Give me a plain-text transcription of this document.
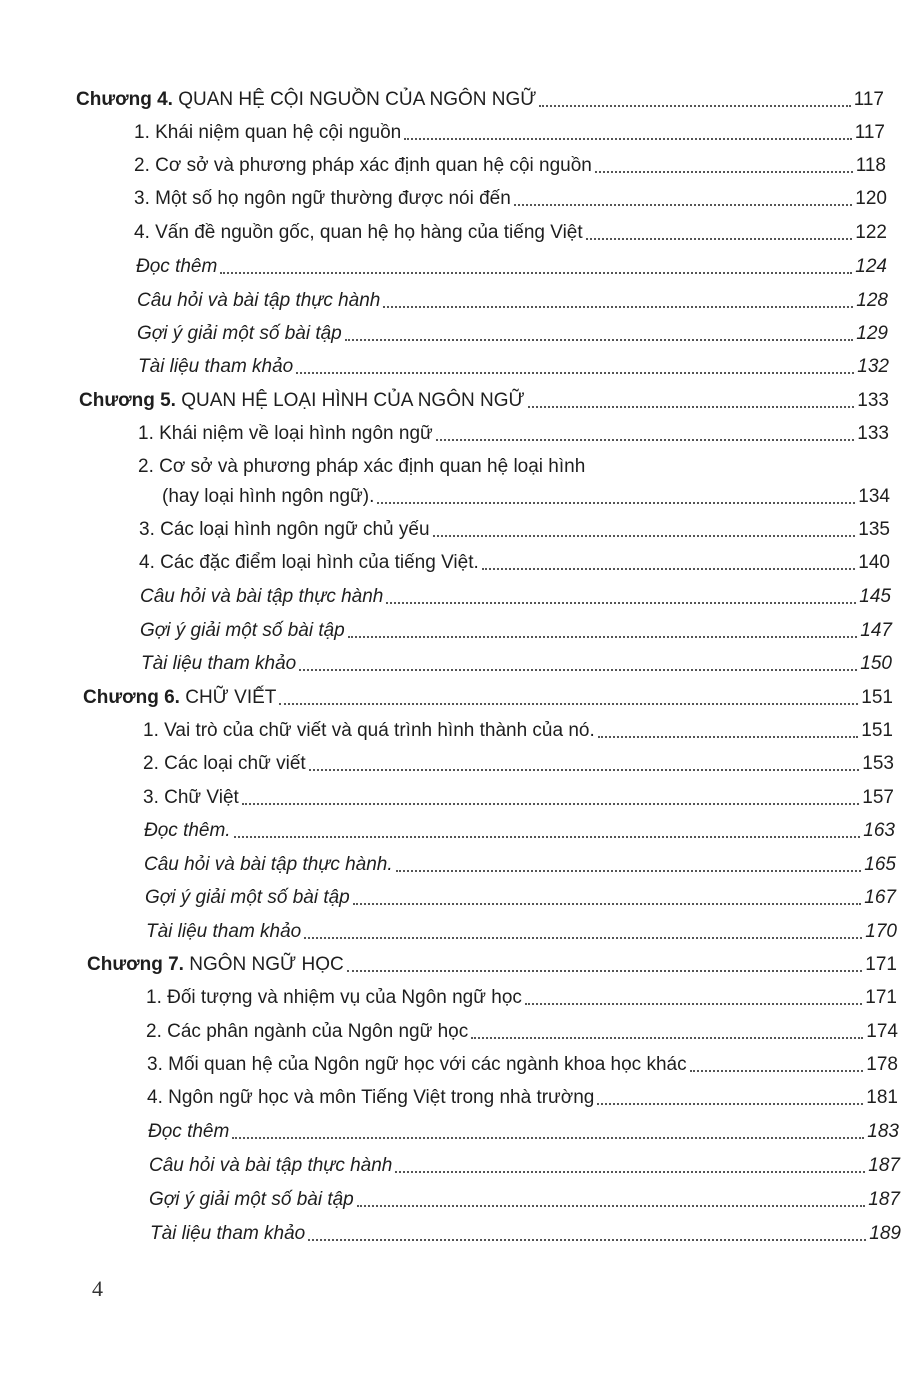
Chương 4. QUAN HỆ CỘI NGUỒN CỦA NGÔN NGỮ	117
1. Khái niệm quan hệ cội nguồn	117
2. Cơ sở và phương pháp xác định quan hệ cội nguồn	118
3. Một số họ ngôn ngữ thường được nói đến	120
4. Vấn đề nguồn gốc, quan hệ họ hàng của tiếng Việt	122
Đọc thêm	124
Câu hỏi và bài tập thực hành	128
Gợi ý giải một số bài tập	129
Tài liệu tham khảo	132
Chương 5. QUAN HỆ LOẠI HÌNH CỦA NGÔN NGỮ	133
1. Khái niệm về loại hình ngôn ngữ	133
2. Cơ sở và phương pháp xác định quan hệ loại hình
(hay loại hình ngôn ngữ).	134
3. Các loại hình ngôn ngữ chủ yếu	135
4. Các đặc điểm loại hình của tiếng Việt.	140
Câu hỏi và bài tập thực hành	145
Gợi ý giải một số bài tập	147
Tài liệu tham khảo	150
Chương 6. CHỮ VIẾT	151
1. Vai trò của chữ viết và quá trình hình thành của nó.	151
2. Các loại chữ viết	153
3. Chữ Việt	157
Đọc thêm.	163
Câu hỏi và bài tập thực hành.	165
Gợi ý giải một số bài tập	167
Tài liệu tham khảo	170
Chương 7. NGÔN NGỮ HỌC	171
1. Đối tượng và nhiệm vụ của Ngôn ngữ học	171
2. Các phân ngành của Ngôn ngữ học	174
3. Mối quan hệ của Ngôn ngữ học với các ngành khoa học khác	178
4. Ngôn ngữ học và môn Tiếng Việt trong nhà trường	181
Đọc thêm	183
Câu hỏi và bài tập thực hành	187
Gợi ý giải một số bài tập	187
Tài liệu tham khảo	189
4
